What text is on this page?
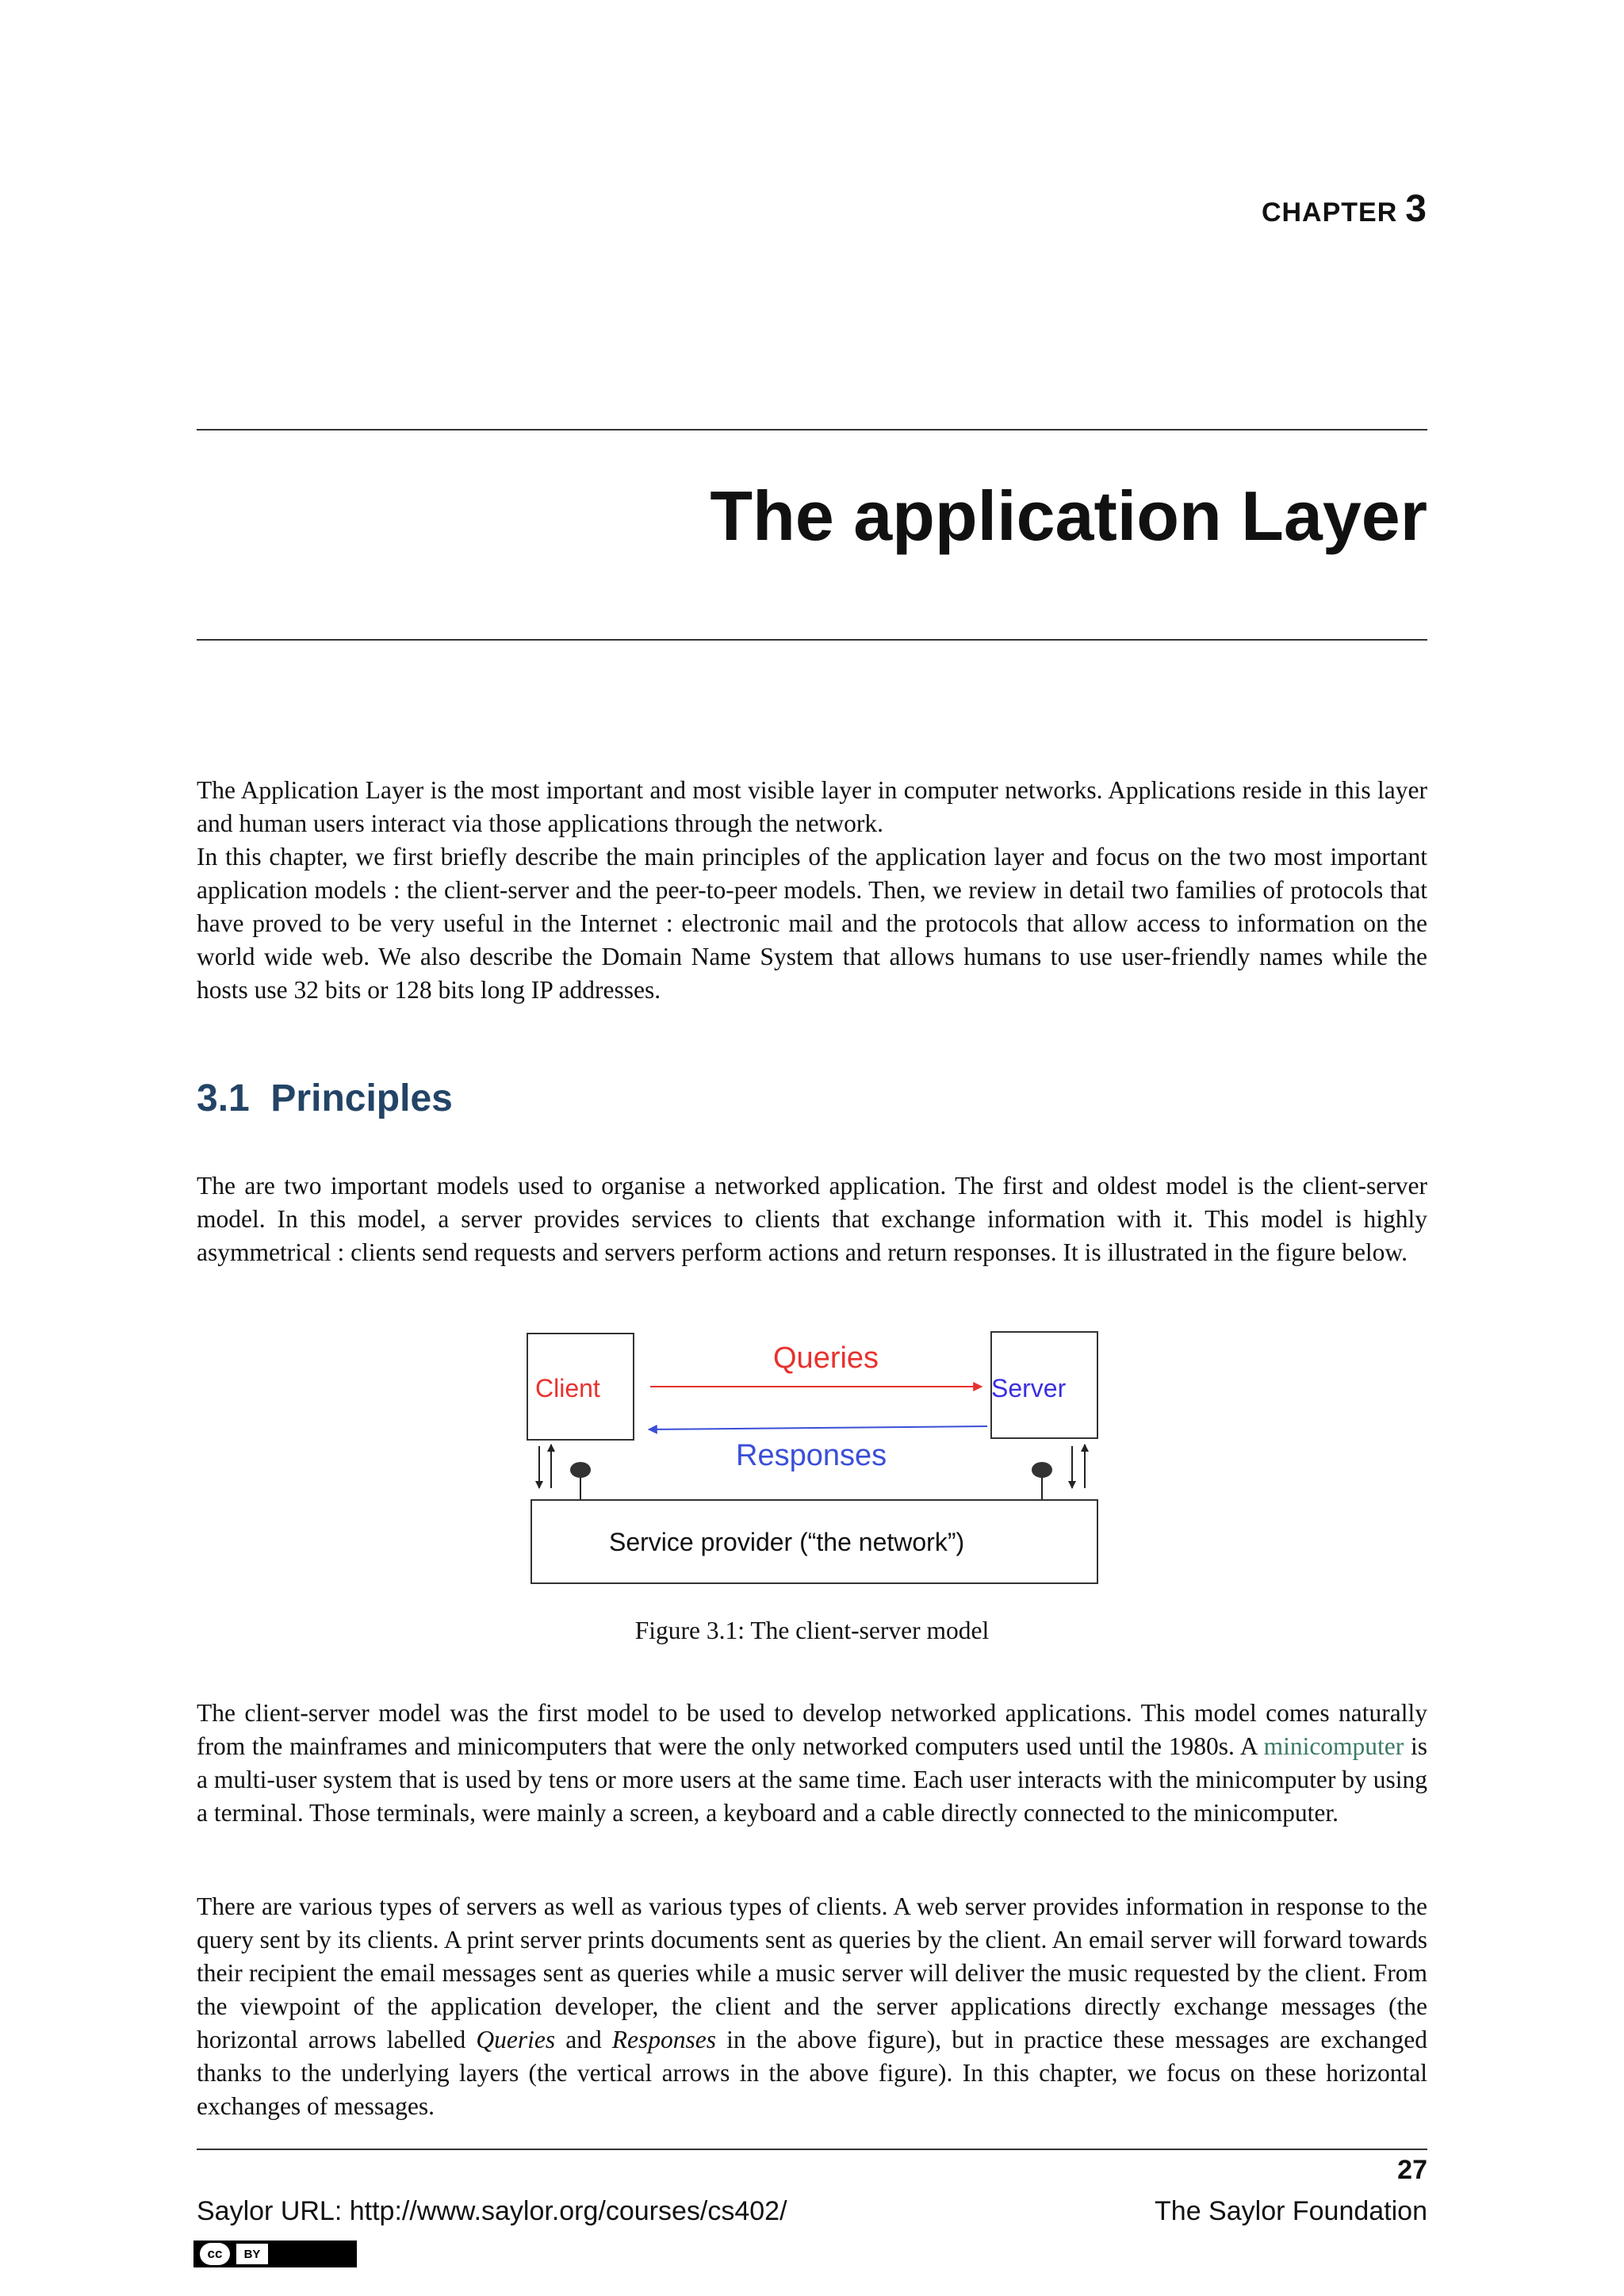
CHAPTER 3
The application Layer

The Application Layer is the most important and most visible layer in computer networks. Applications reside in this layer and human users interact via those applications through the network.

In this chapter, we first briefly describe the main principles of the application layer and focus on the two most important application models : the client-server and the peer-to-peer models. Then, we review in detail two families of protocols that have proved to be very useful in the Internet : electronic mail and the protocols that allow access to information on the world wide web. We also describe the Domain Name System that allows humans to use user-friendly names while the hosts use 32 bits or 128 bits long IP addresses.

3.1 Principles

The are two important models used to organise a networked application. The first and oldest model is the client-server model. In this model, a server provides services to clients that exchange information with it. This model is highly asymmetrical : clients send requests and servers perform actions and return responses. It is illustrated in the figure below.

Client	Server
Queries
Responses
Service provider (“the network”)

Figure 3.1: The client-server model

The client-server model was the first model to be used to develop networked applications. This model comes naturally from the mainframes and minicomputers that were the only networked computers used until the 1980s. A minicomputer is a multi-user system that is used by tens or more users at the same time. Each user interacts with the minicomputer by using a terminal. Those terminals, were mainly a screen, a keyboard and a cable directly connected to the minicomputer.

There are various types of servers as well as various types of clients. A web server provides information in response to the query sent by its clients. A print server prints documents sent as queries by the client. An email server will forward towards their recipient the email messages sent as queries while a music server will deliver the music requested by the client. From the viewpoint of the application developer, the client and the server applications directly exchange messages (the horizontal arrows labelled Queries and Responses in the above figure), but in practice these messages are exchanged thanks to the underlying layers (the vertical arrows in the above figure). In this chapter, we focus on these horizontal exchanges of messages.

27
Saylor URL: http://www.saylor.org/courses/cs402/	The Saylor Foundation
cc	BY
